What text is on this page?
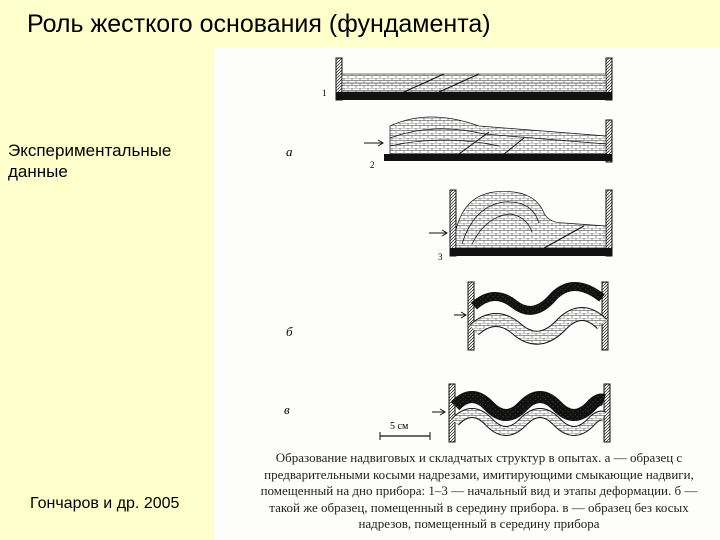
Роль жесткого основания (фундамента)
Экспериментальные данные
Гончаров и др. 2005
а
б
в
1
2
3
5 см
Образование надвиговых и складчатых структур в опытах. а — образец с предварительными косыми надрезами, имитирующими смыкающие надвиги, помещенный на дно прибора: 1–3 — начальный вид и этапы деформации. б — такой же образец, помещенный в середину прибора. в — образец без косых надрезов, помещенный в середину прибора
